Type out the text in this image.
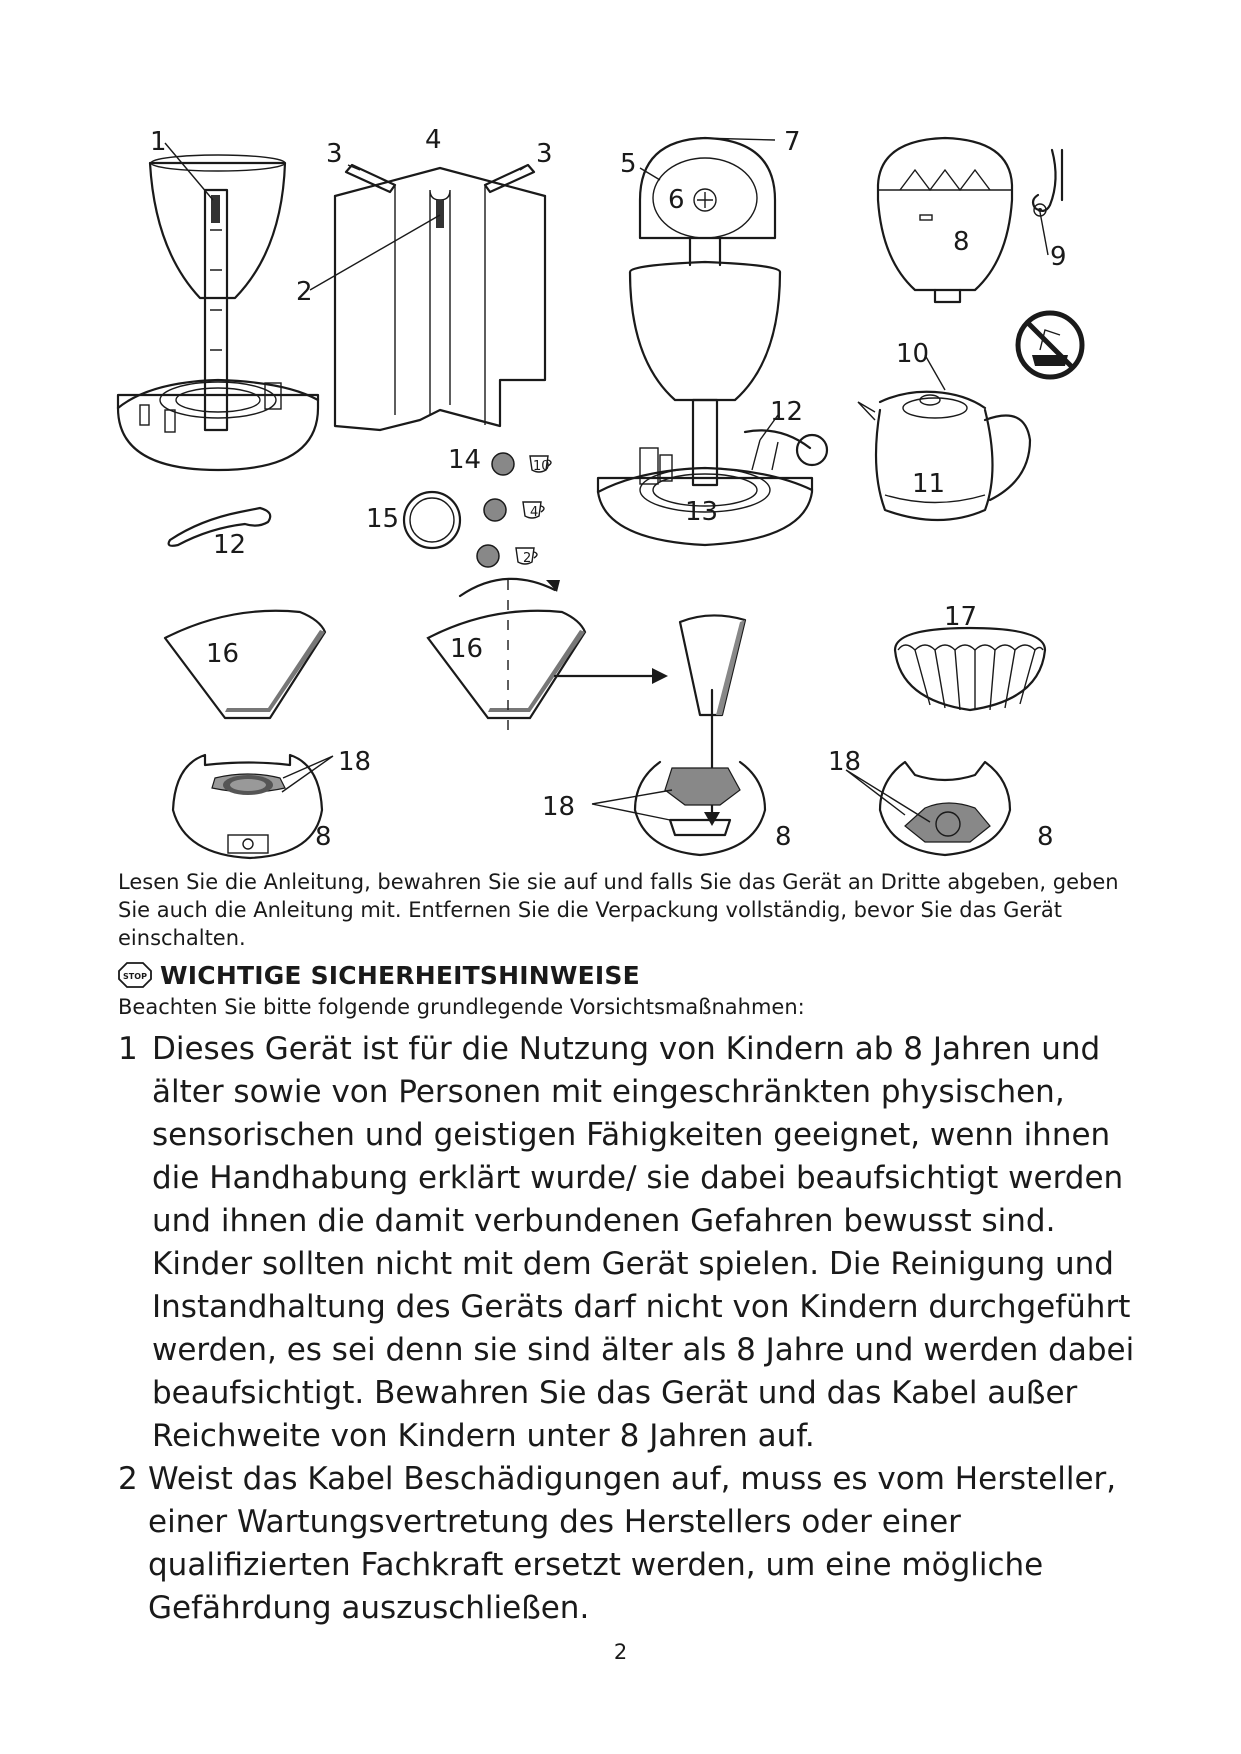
1
2
3	3
4
5
6
7
8	9
10
11
12
12
13
14
15
16	16
17
18
18
18
8	8	8
10
4
2

Lesen Sie die Anleitung, bewahren Sie sie auf und falls Sie das Gerät an Dritte abgeben, geben Sie auch die Anleitung mit. Entfernen Sie die Verpackung vollständig, bevor Sie das Gerät einschalten.

STOP WICHTIGE SICHERHEITSHINWEISE

Beachten Sie bitte folgende grundlegende Vorsichtsmaßnahmen:

1 Dieses Gerät ist für die Nutzung von Kindern ab 8 Jahren und älter sowie von Personen mit eingeschränkten physischen, sensorischen und geistigen Fähigkeiten geeignet, wenn ihnen die Handhabung erklärt wurde/ sie dabei beaufsichtigt werden und ihnen die damit verbundenen Gefahren bewusst sind. Kinder sollten nicht mit dem Gerät spielen. Die Reinigung und Instandhaltung des Geräts darf nicht von Kindern durchgeführt werden, es sei denn sie sind älter als 8 Jahre und werden dabei beaufsichtigt. Bewahren Sie das Gerät und das Kabel außer Reichweite von Kindern unter 8 Jahren auf.
2 Weist das Kabel Beschädigungen auf, muss es vom Hersteller, einer Wartungsvertretung des Herstellers oder einer qualifizierten Fachkraft ersetzt werden, um eine mögliche Gefährdung auszuschließen.
2
